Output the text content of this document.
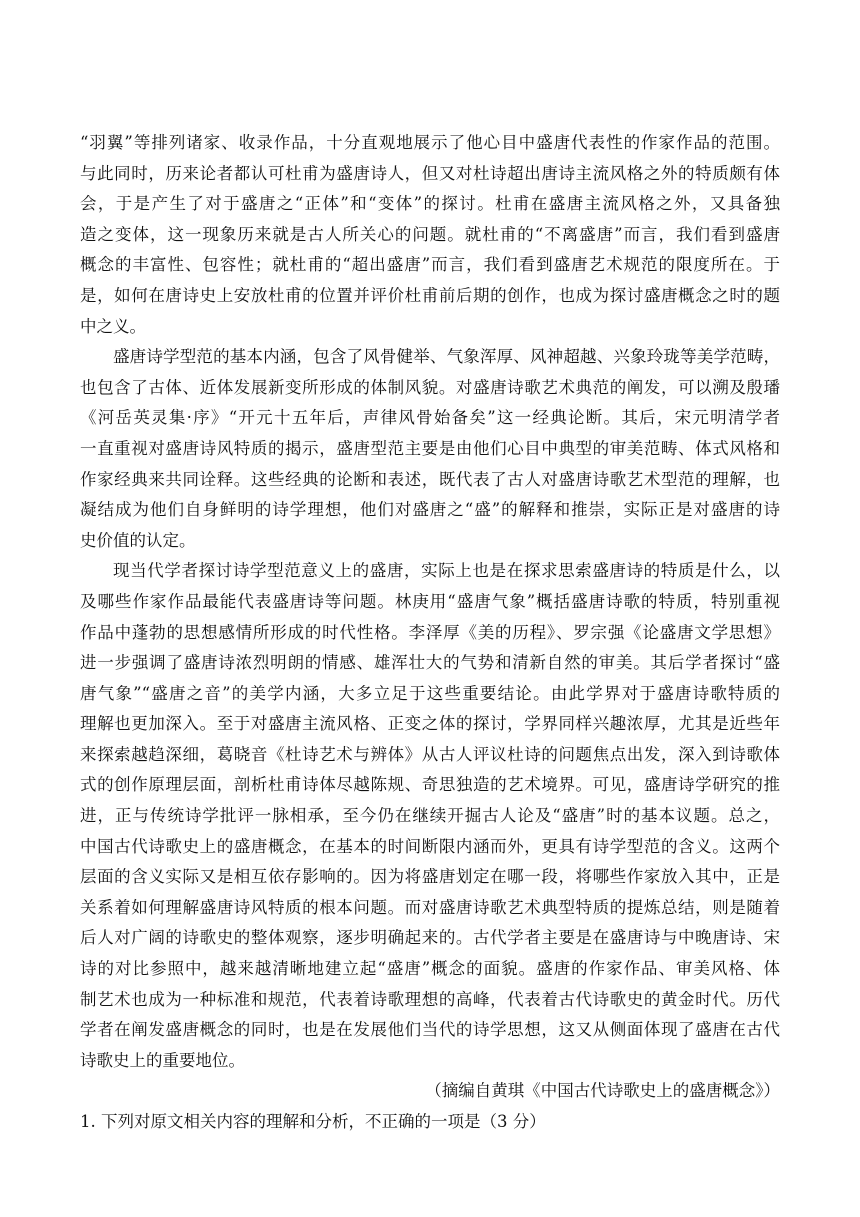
“羽翼”等排列诸家、收录作品，十分直观地展示了他心目中盛唐代表性的作家作品的范围。
与此同时，历来论者都认可杜甫为盛唐诗人，但又对杜诗超出唐诗主流风格之外的特质颇有体
会，于是产生了对于盛唐之“正体”和“变体”的探讨。杜甫在盛唐主流风格之外，又具备独
造之变体，这一现象历来就是古人所关心的问题。就杜甫的“不离盛唐”而言，我们看到盛唐
概念的丰富性、包容性；就杜甫的“超出盛唐”而言，我们看到盛唐艺术规范的限度所在。于
是，如何在唐诗史上安放杜甫的位置并评价杜甫前后期的创作，也成为探讨盛唐概念之时的题
中之义。
盛唐诗学型范的基本内涵，包含了风骨健举、气象浑厚、风神超越、兴象玲珑等美学范畴，
也包含了古体、近体发展新变所形成的体制风貌。对盛唐诗歌艺术典范的阐发，可以溯及殷璠
《河岳英灵集·序》“开元十五年后，声律风骨始备矣”这一经典论断。其后，宋元明清学者
一直重视对盛唐诗风特质的揭示，盛唐型范主要是由他们心目中典型的审美范畴、体式风格和
作家经典来共同诠释。这些经典的论断和表述，既代表了古人对盛唐诗歌艺术型范的理解，也
凝结成为他们自身鲜明的诗学理想，他们对盛唐之“盛”的解释和推崇，实际正是对盛唐的诗
史价值的认定。
现当代学者探讨诗学型范意义上的盛唐，实际上也是在探求思索盛唐诗的特质是什么，以
及哪些作家作品最能代表盛唐诗等问题。林庚用“盛唐气象”概括盛唐诗歌的特质，特别重视
作品中蓬勃的思想感情所形成的时代性格。李泽厚《美的历程》、罗宗强《论盛唐文学思想》
进一步强调了盛唐诗浓烈明朗的情感、雄浑壮大的气势和清新自然的审美。其后学者探讨“盛
唐气象”“盛唐之音”的美学内涵，大多立足于这些重要结论。由此学界对于盛唐诗歌特质的
理解也更加深入。至于对盛唐主流风格、正变之体的探讨，学界同样兴趣浓厚，尤其是近些年
来探索越趋深细，葛晓音《杜诗艺术与辨体》从古人评议杜诗的问题焦点出发，深入到诗歌体
式的创作原理层面，剖析杜甫诗体尽越陈规、奇思独造的艺术境界。可见，盛唐诗学研究的推
进，正与传统诗学批评一脉相承，至今仍在继续开掘古人论及“盛唐”时的基本议题。总之，
中国古代诗歌史上的盛唐概念，在基本的时间断限内涵而外，更具有诗学型范的含义。这两个
层面的含义实际又是相互依存影响的。因为将盛唐划定在哪一段，将哪些作家放入其中，正是
关系着如何理解盛唐诗风特质的根本问题。而对盛唐诗歌艺术典型特质的提炼总结，则是随着
后人对广阔的诗歌史的整体观察，逐步明确起来的。古代学者主要是在盛唐诗与中晚唐诗、宋
诗的对比参照中，越来越清晰地建立起“盛唐”概念的面貌。盛唐的作家作品、审美风格、体
制艺术也成为一种标准和规范，代表着诗歌理想的高峰，代表着古代诗歌史的黄金时代。历代
学者在阐发盛唐概念的同时，也是在发展他们当代的诗学思想，这又从侧面体现了盛唐在古代
诗歌史上的重要地位。
（摘编自黄琪《中国古代诗歌史上的盛唐概念》）
1. 下列对原文相关内容的理解和分析，不正确的一项是（3 分）
